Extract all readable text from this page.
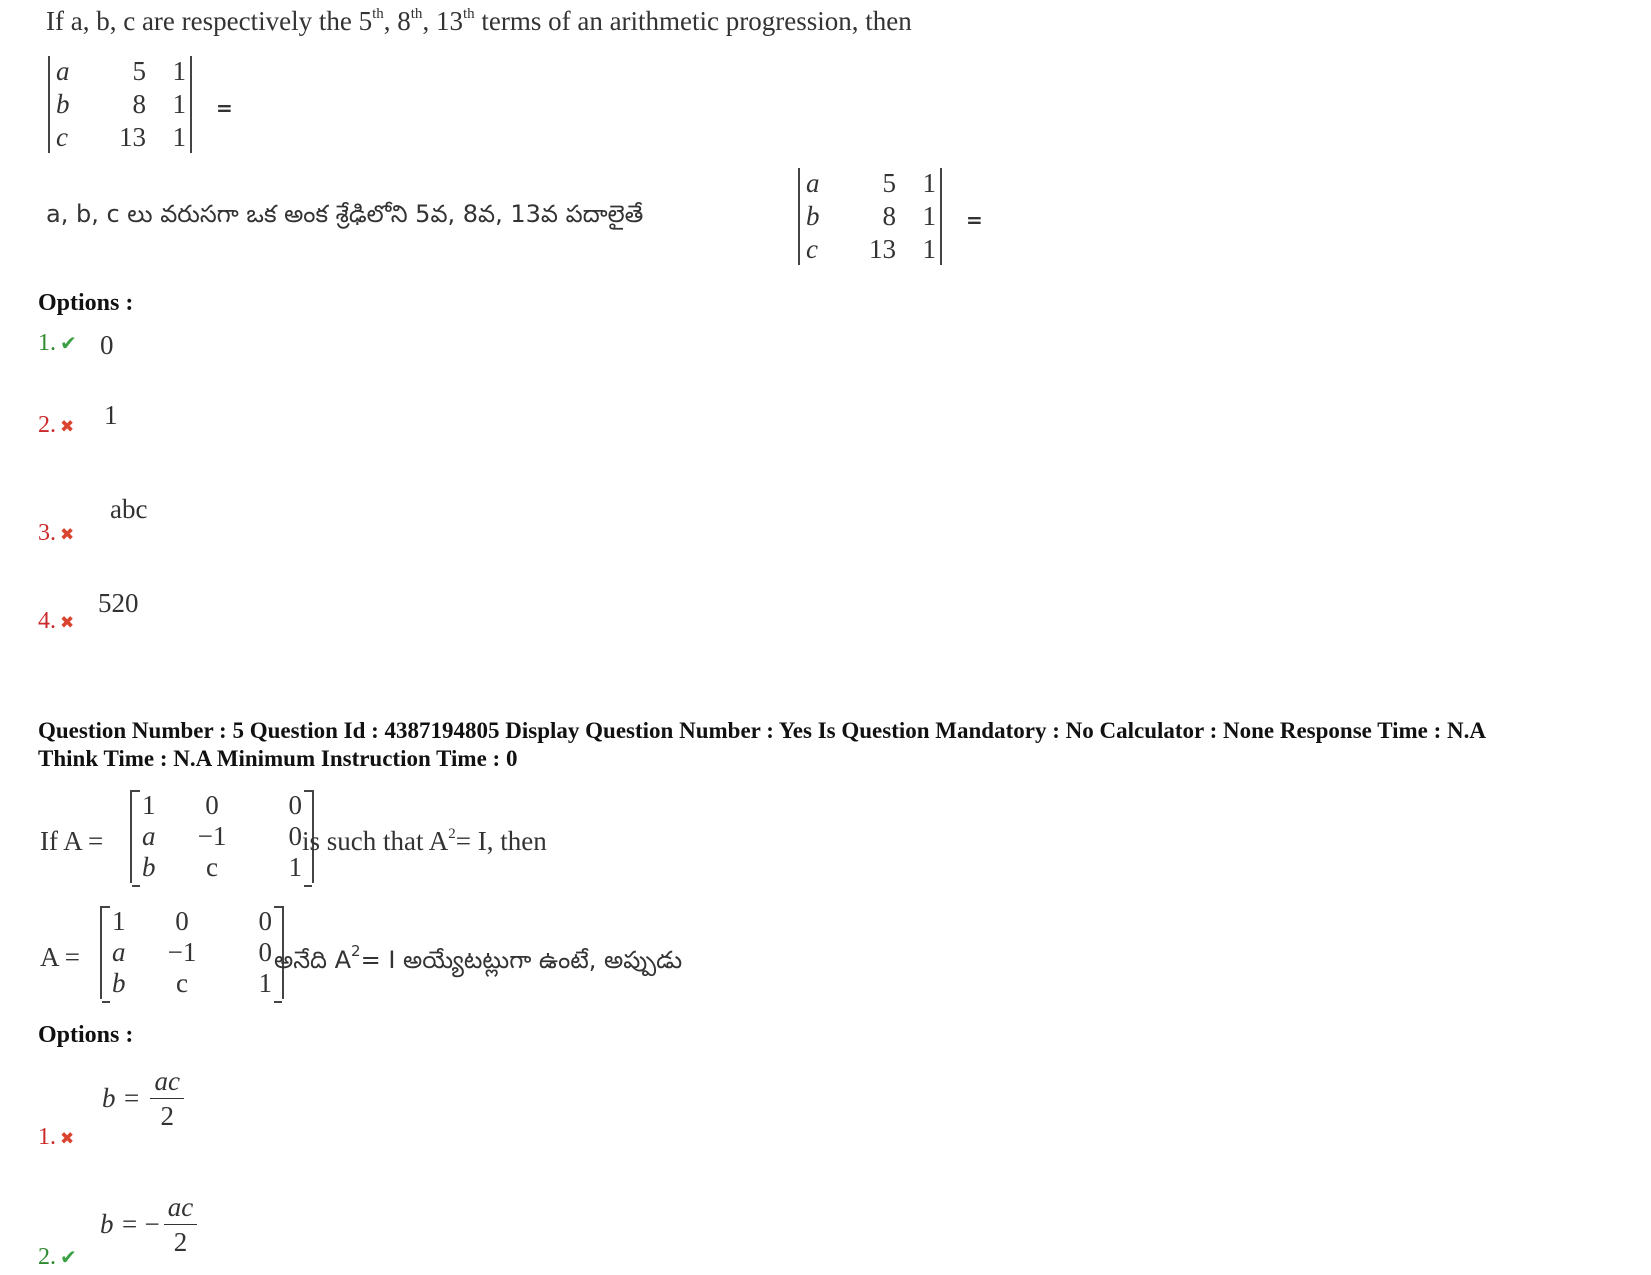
If a, b, c are respectively the 5th, 8th, 13th terms of an arithmetic progression, then
a	5 1
b	8 1
c	13 1
=
a, b, c లు వరుసగా ఒక అంక శ్రేఢిలోని 5వ, 8వ, 13వ పదాలైతే
a	5 1
b	8 1
c	13 1
=
Options :
1. ✔ 0
2. ✖ 1
3. ✖
abc
4. ✖
520
Question Number : 5 Question Id : 4387194805 Display Question Number : Yes Is Question Mandatory : No Calculator : None Response Time : N.A
Think Time : N.A Minimum Instruction Time : 0
If A =
1	0	0
a	−1	0
b	c	1
is such that $A^2= I$, then
A =
1	0	0
a	−1	0
b	c	1
అనేది $A^2= I$ అయ్యేటట్లుగా ఉంటే, అప్పుడు
Options :
1. ✖
$b = \frac{ac}{2}$
2. ✔
b = − $\frac{ac}{2}$
